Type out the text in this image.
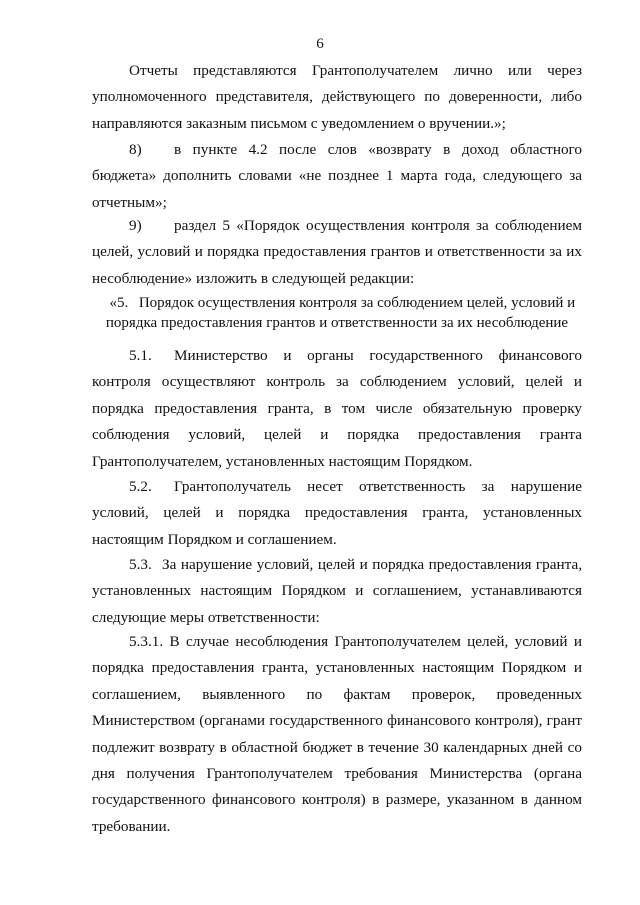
6

Отчеты представляются Грантополучателем лично или через уполномоченного представителя, действующего по доверенности, либо направляются заказным письмом с уведомлением о вручении.»;

8) в пункте 4.2 после слов «возврату в доход областного бюджета» дополнить словами «не позднее 1 марта года, следующего за отчетным»;

9) раздел 5 «Порядок осуществления контроля за соблюдением целей, условий и порядка предоставления грантов и ответственности за их несоблюдение» изложить в следующей редакции:

«5. Порядок осуществления контроля за соблюдением целей, условий и
порядка предоставления грантов и ответственности за их несоблюдение

5.1. Министерство и органы государственного финансового контроля осуществляют контроль за соблюдением условий, целей и порядка предоставления гранта, в том числе обязательную проверку соблюдения условий, целей и порядка предоставления гранта Грантополучателем, установленных настоящим Порядком.

5.2. Грантополучатель несет ответственность за нарушение условий, целей и порядка предоставления гранта, установленных настоящим Порядком и соглашением.

5.3. За нарушение условий, целей и порядка предоставления гранта, установленных настоящим Порядком и соглашением, устанавливаются следующие меры ответственности:

5.3.1. В случае несоблюдения Грантополучателем целей, условий и порядка предоставления гранта, установленных настоящим Порядком и соглашением, выявленного по фактам проверок, проведенных Министерством (органами государственного финансового контроля), грант подлежит возврату в областной бюджет в течение 30 календарных дней со дня получения Грантополучателем требования Министерства (органа государственного финансового контроля) в размере, указанном в данном требовании.
